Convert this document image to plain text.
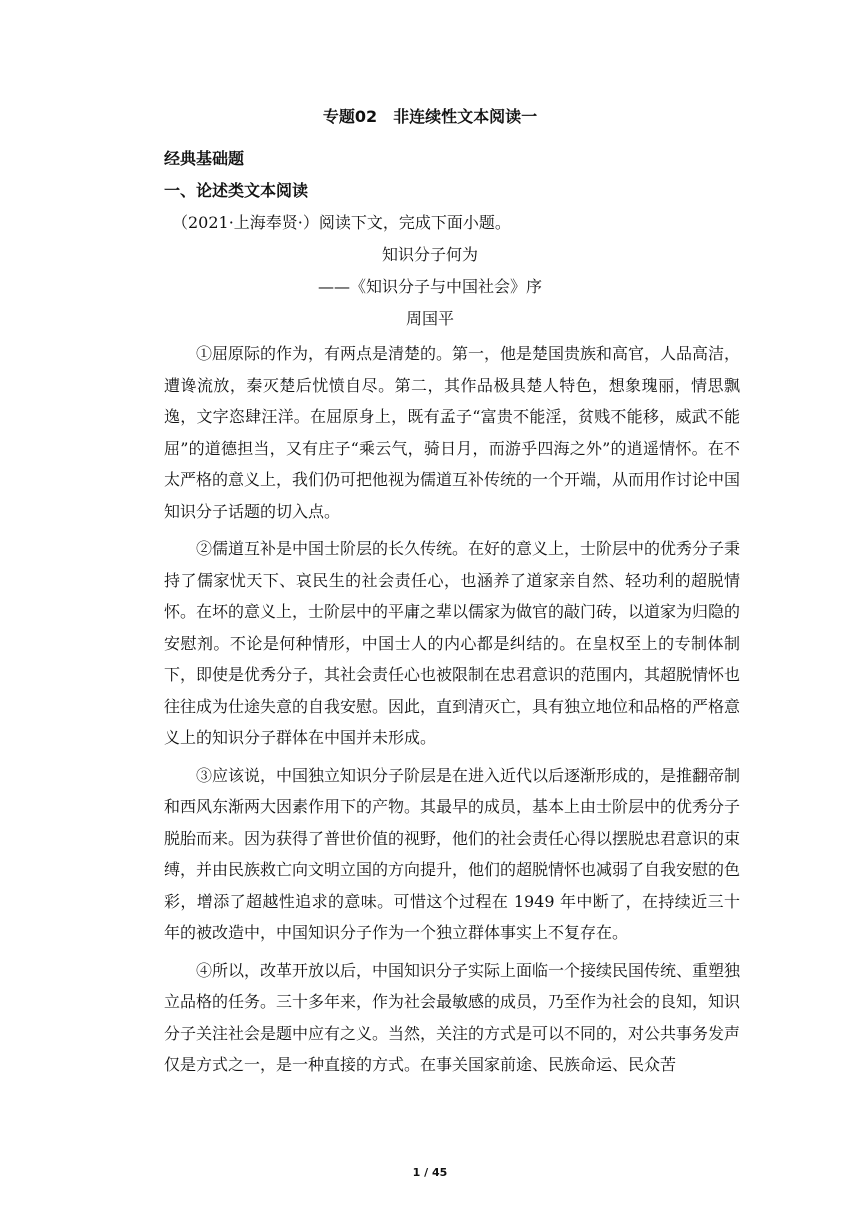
专题02　非连续性文本阅读一
经典基础题
一、论述类文本阅读
（2021·上海奉贤·）阅读下文，完成下面小题。
知识分子何为
——《知识分子与中国社会》序
周国平

①屈原际的作为，有两点是清楚的。第一，他是楚国贵族和高官，人品高洁，遭谗流放，秦灭楚后忧愤自尽。第二，其作品极具楚人特色，想象瑰丽，情思飘逸，文字恣肆汪洋。在屈原身上，既有孟子“富贵不能淫，贫贱不能移，威武不能屈”的道德担当，又有庄子“乘云气，骑日月，而游乎四海之外”的逍遥情怀。在不太严格的意义上，我们仍可把他视为儒道互补传统的一个开端，从而用作讨论中国知识分子话题的切入点。

②儒道互补是中国士阶层的长久传统。在好的意义上，士阶层中的优秀分子秉持了儒家忧天下、哀民生的社会责任心，也涵养了道家亲自然、轻功利的超脱情怀。在坏的意义上，士阶层中的平庸之辈以儒家为做官的敲门砖，以道家为归隐的安慰剂。不论是何种情形，中国士人的内心都是纠结的。在皇权至上的专制体制下，即使是优秀分子，其社会责任心也被限制在忠君意识的范围内，其超脱情怀也往往成为仕途失意的自我安慰。因此，直到清灭亡，具有独立地位和品格的严格意义上的知识分子群体在中国并未形成。

③应该说，中国独立知识分子阶层是在进入近代以后逐渐形成的，是推翻帝制和西风东渐两大因素作用下的产物。其最早的成员，基本上由士阶层中的优秀分子脱胎而来。因为获得了普世价值的视野，他们的社会责任心得以摆脱忠君意识的束缚，并由民族救亡向文明立国的方向提升，他们的超脱情怀也减弱了自我安慰的色彩，增添了超越性追求的意味。可惜这个过程在 1949 年中断了，在持续近三十年的被改造中，中国知识分子作为一个独立群体事实上不复存在。

④所以，改革开放以后，中国知识分子实际上面临一个接续民国传统、重塑独立品格的任务。三十多年来，作为社会最敏感的成员，乃至作为社会的良知，知识分子关注社会是题中应有之义。当然，关注的方式是可以不同的，对公共事务发声仅是方式之一，是一种直接的方式。在事关国家前途、民族命运、民众苦

1 / 45
